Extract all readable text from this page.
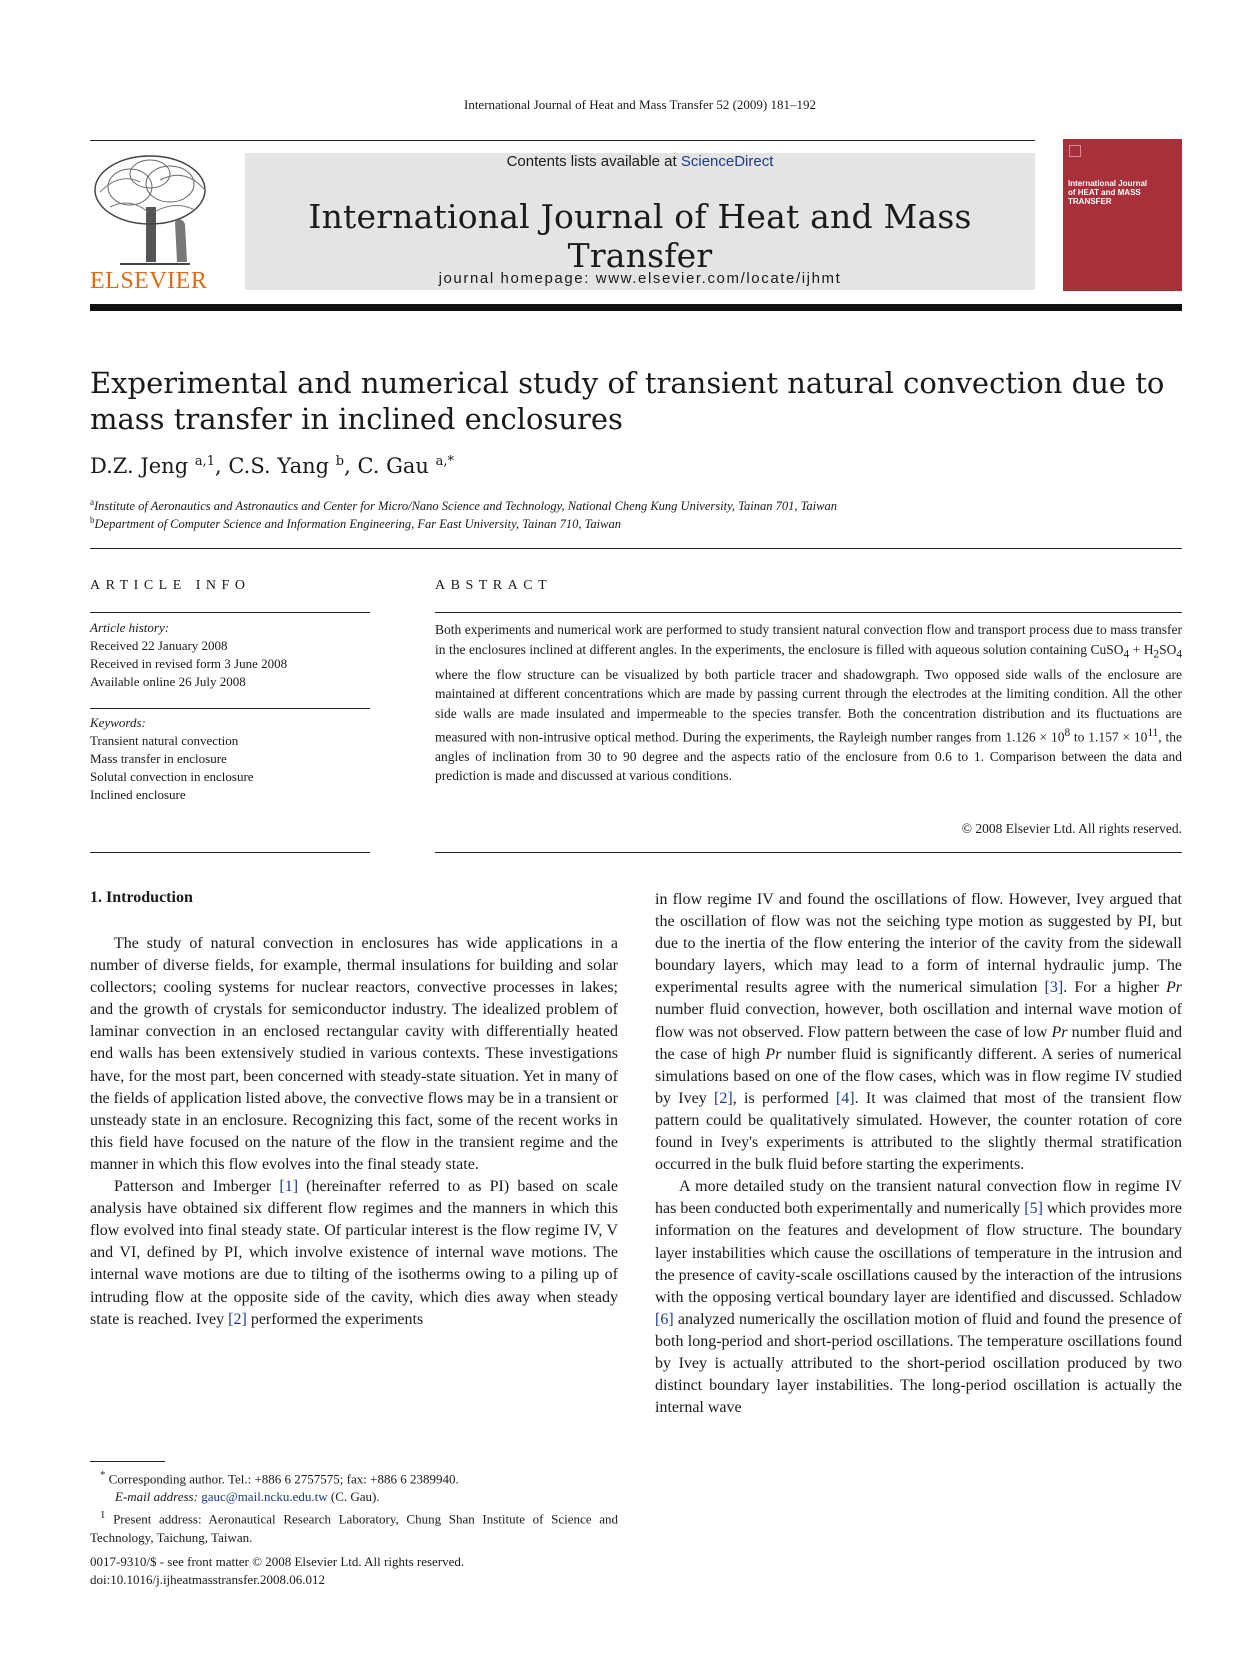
International Journal of Heat and Mass Transfer 52 (2009) 181–192
ELSEVIER
Contents lists available at ScienceDirect
International Journal of Heat and Mass Transfer
journal homepage: www.elsevier.com/locate/ijhmt
International Journal of HEAT and MASS TRANSFER
Experimental and numerical study of transient natural convection due to mass transfer in inclined enclosures
D.Z. Jeng $^{a,1}$, C.S. Yang $^b$, C. Gau $^{a,*}$
$^a$Institute of Aeronautics and Astronautics and Center for Micro/Nano Science and Technology, National Cheng Kung University, Tainan 701, Taiwan
$^b$Department of Computer Science and Information Engineering, Far East University, Tainan 710, Taiwan
ARTICLE INFO	ABSTRACT
Article history:
Received 22 January 2008
Received in revised form 3 June 2008
Available online 26 July 2008
Keywords:
Transient natural convection
Mass transfer in enclosure
Solutal convection in enclosure
Inclined enclosure
Both experiments and numerical work are performed to study transient natural convection flow and transport process due to mass transfer in the enclosures inclined at different angles. In the experiments, the enclosure is filled with aqueous solution containing CuSO$_4$ + $H_2SO_4$ where the flow structure can be visualized by both particle tracer and shadowgraph. Two opposed side walls of the enclosure are maintained at different concentrations which are made by passing current through the electrodes at the limiting condition. All the other side walls are made insulated and impermeable to the species transfer. Both the concentration distribution and its fluctuations are measured with non-intrusive optical method. During the experiments, the Rayleigh number ranges from $1.126 \times 10^8$ to $1.157 \times 10^{11}$, the angles of inclination from 30 to 90 degree and the aspects ratio of the enclosure from 0.6 to 1. Comparison between the data and prediction is made and discussed at various conditions.
© 2008 Elsevier Ltd. All rights reserved.
1. Introduction

The study of natural convection in enclosures has wide applications in a number of diverse fields, for example, thermal insulations for building and solar collectors; cooling systems for nuclear reactors, convective processes in lakes; and the growth of crystals for semiconductor industry. The idealized problem of laminar convection in an enclosed rectangular cavity with differentially heated end walls has been extensively studied in various contexts. These investigations have, for the most part, been concerned with steady-state situation. Yet in many of the fields of application listed above, the convective flows may be in a transient or unsteady state in an enclosure. Recognizing this fact, some of the recent works in this field have focused on the nature of the flow in the transient regime and the manner in which this flow evolves into the final steady state.

Patterson and Imberger [1] (hereinafter referred to as PI) based on scale analysis have obtained six different flow regimes and the manners in which this flow evolved into final steady state. Of particular interest is the flow regime IV, V and VI, defined by PI, which involve existence of internal wave motions. The internal wave motions are due to tilting of the isotherms owing to a piling up of intruding flow at the opposite side of the cavity, which dies away when steady state is reached. Ivey [2] performed the experiments

in flow regime IV and found the oscillations of flow. However, Ivey argued that the oscillation of flow was not the seiching type motion as suggested by PI, but due to the inertia of the flow entering the interior of the cavity from the sidewall boundary layers, which may lead to a form of internal hydraulic jump. The experimental results agree with the numerical simulation [3]. For a higher Pr number fluid convection, however, both oscillation and internal wave motion of flow was not observed. Flow pattern between the case of low Pr number fluid and the case of high Pr number fluid is significantly different. A series of numerical simulations based on one of the flow cases, which was in flow regime IV studied by Ivey [2], is performed [4]. It was claimed that most of the transient flow pattern could be qualitatively simulated. However, the counter rotation of core found in Ivey's experiments is attributed to the slightly thermal stratification occurred in the bulk fluid before starting the experiments.

A more detailed study on the transient natural convection flow in regime IV has been conducted both experimentally and numerically [5] which provides more information on the features and development of flow structure. The boundary layer instabilities which cause the oscillations of temperature in the intrusion and the presence of cavity-scale oscillations caused by the interaction of the intrusions with the opposing vertical boundary layer are identified and discussed. Schladow [6] analyzed numerically the oscillation motion of fluid and found the presence of both long-period and short-period oscillations. The temperature oscillations found by Ivey is actually attributed to the short-period oscillation produced by two distinct boundary layer instabilities. The long-period oscillation is actually the internal wave

* Corresponding author. Tel.: +886 6 2757575; fax: +886 6 2389940.
E-mail address: gauc@mail.ncku.edu.tw (C. Gau).
$^1$ Present address: Aeronautical Research Laboratory, Chung Shan Institute of Science and Technology, Taichung, Taiwan.
0017-9310/$ - see front matter © 2008 Elsevier Ltd. All rights reserved.
doi:10.1016/j.ijheatmasstransfer.2008.06.012
